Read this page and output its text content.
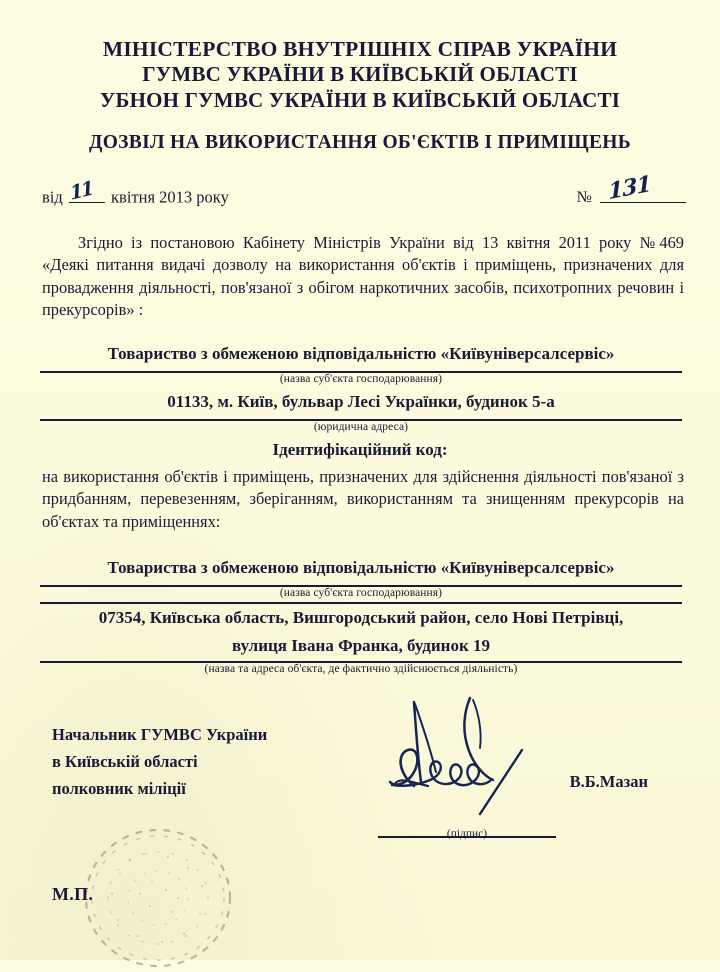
МІНІСТЕРСТВО ВНУТРІШНІХ СПРАВ УКРАЇНИ
ГУМВС УКРАЇНИ В КИЇВСЬКІЙ ОБЛАСТІ
УБНОН ГУМВС УКРАЇНИ В КИЇВСЬКІЙ ОБЛАСТІ
ДОЗВІЛ НА ВИКОРИСТАННЯ ОБ'ЄКТІВ І ПРИМІЩЕНЬ
від 11 квітня 2013 року	№ 131
Згідно із постановою Кабінету Міністрів України від 13 квітня 2011 року №469 «Деякі питання видачі дозволу на використання об'єктів і приміщень, призначених для провадження діяльності, пов'язаної з обігом наркотичних засобів, психотропних речовин і прекурсорів» :
Товариство з обмеженою відповідальністю «Київуніверсалсервіс»
(назва суб'єкта господарювання)
01133, м. Київ, бульвар Лесі Українки, будинок 5-а
(юридична адреса)
Ідентифікаційний код:
на використання об'єктів і приміщень, призначених для здійснення діяльності пов'язаної з придбанням, перевезенням, зберіганням, використанням та знищенням прекурсорів на об'єктах та приміщеннях:
Товариства з обмеженою відповідальністю «Київуніверсалсервіс»
(назва суб'єкта господарювання)
07354, Київська область, Вишгородський район, село Нові Петрівці,
вулиця Івана Франка, будинок 19
(назва та адреса об'єкта, де фактично здійснюється діяльність)
Начальник ГУМВС України
в Київській області
полковник міліції	В.Б.Мазан
(підпис)
М.П.
